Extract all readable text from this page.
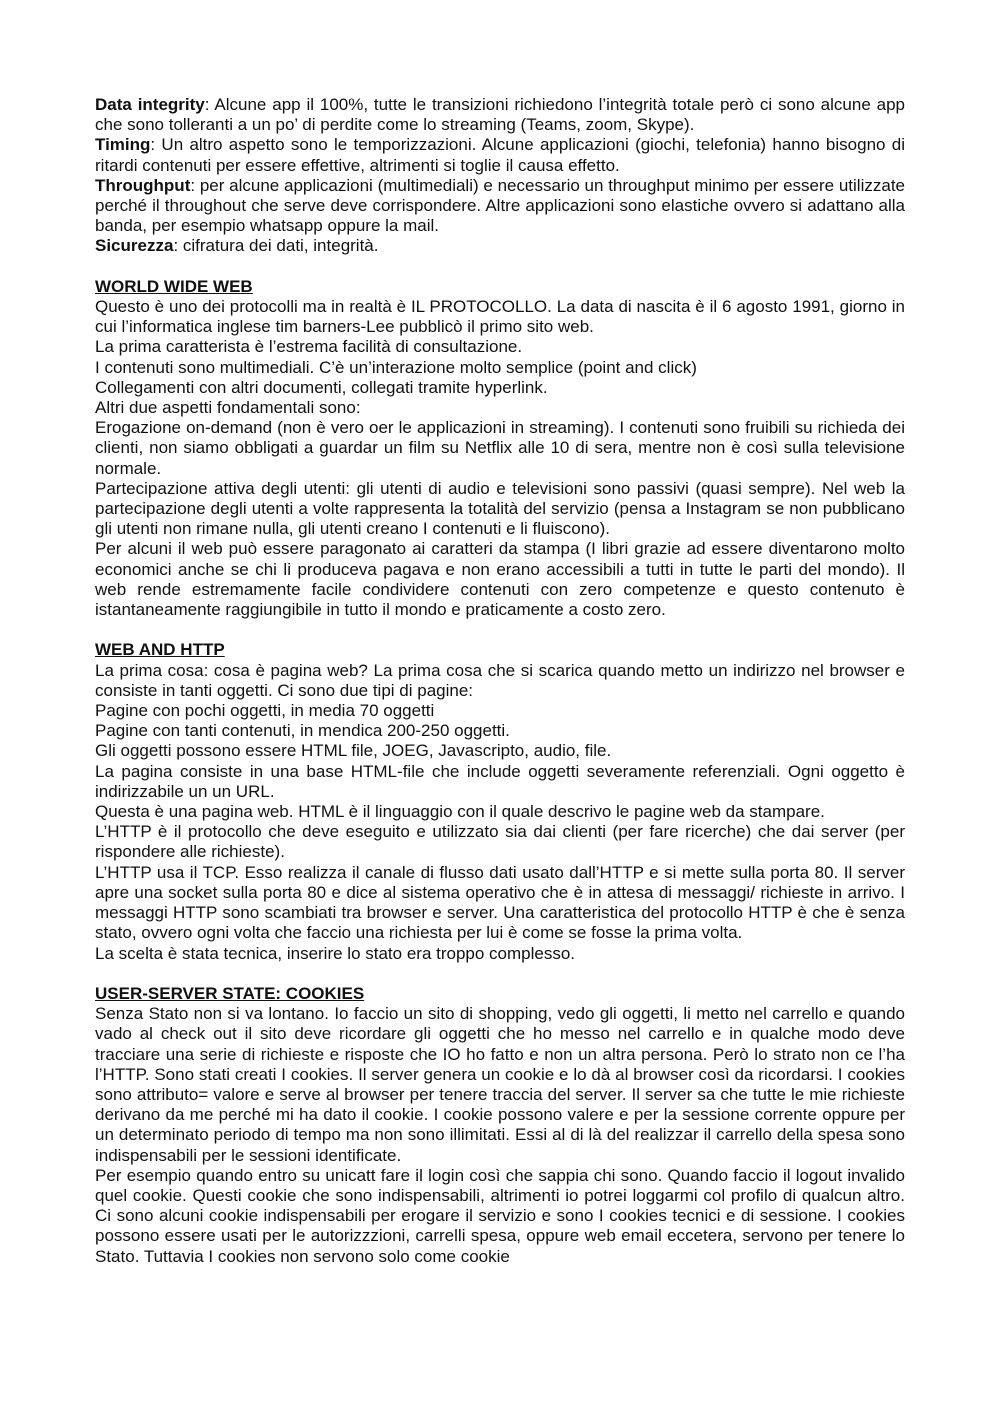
Data integrity: Alcune app il 100%, tutte le transizioni richiedono l’integrità totale però ci sono alcune app che sono tolleranti a un po’ di perdite come lo streaming (Teams, zoom, Skype).

Timing: Un altro aspetto sono le temporizzazioni. Alcune applicazioni (giochi, telefonia) hanno bisogno di ritardi contenuti per essere effettive, altrimenti si toglie il causa effetto.

Throughput: per alcune applicazioni (multimediali) e necessario un throughput minimo per essere utilizzate perché il throughout che serve deve corrispondere. Altre applicazioni sono elastiche ovvero si adattano alla banda, per esempio whatsapp oppure la mail.

Sicurezza: cifratura dei dati, integrità.

WORLD WIDE WEB

Questo è uno dei protocolli ma in realtà è IL PROTOCOLLO. La data di nascita è il 6 agosto 1991, giorno in cui l’informatica inglese tim barners-Lee pubblicò il primo sito web.

La prima caratterista è l’estrema facilità di consultazione.

I contenuti sono multimediali. C’è un’interazione molto semplice (point and click)

Collegamenti con altri documenti, collegati tramite hyperlink.

Altri due aspetti fondamentali sono:

Erogazione on-demand (non è vero oer le applicazioni in streaming). I contenuti sono fruibili su richieda dei clienti, non siamo obbligati a guardar un film su Netflix alle 10 di sera, mentre non è così sulla televisione normale.

Partecipazione attiva degli utenti: gli utenti di audio e televisioni sono passivi (quasi sempre). Nel web la partecipazione degli utenti a volte rappresenta la totalità del servizio (pensa a Instagram se non pubblicano gli utenti non rimane nulla, gli utenti creano I contenuti e li fluiscono).

Per alcuni il web può essere paragonato ai caratteri da stampa (I libri grazie ad essere diventarono molto economici anche se chi li produceva pagava e non erano accessibili a tutti in tutte le parti del mondo). Il web rende estremamente facile condividere contenuti con zero competenze e questo contenuto è istantaneamente raggiungibile in tutto il mondo e praticamente a costo zero.

WEB AND HTTP

La prima cosa: cosa è pagina web? La prima cosa che si scarica quando metto un indirizzo nel browser e consiste in tanti oggetti. Ci sono due tipi di pagine:

Pagine con pochi oggetti, in media 70 oggetti

Pagine con tanti contenuti, in mendica 200-250 oggetti.

Gli oggetti possono essere HTML file, JOEG, Javascripto, audio, file.

La pagina consiste in una base HTML-file che include oggetti severamente referenziali. Ogni oggetto è indirizzabile un un URL.

Questa è una pagina web. HTML è il linguaggio con il quale descrivo le pagine web da stampare.

L’HTTP è il protocollo che deve eseguito e utilizzato sia dai clienti (per fare ricerche) che dai server (per rispondere alle richieste).

L’HTTP usa il TCP. Esso realizza il canale di flusso dati usato dall’HTTP e si mette sulla porta 80. Il server apre una socket sulla porta 80 e dice al sistema operativo che è in attesa di messaggi/ richieste in arrivo. I messaggi HTTP sono scambiati tra browser e server. Una caratteristica del protocollo HTTP è che è senza stato, ovvero ogni volta che faccio una richiesta per lui è come se fosse la prima volta.

La scelta è stata tecnica, inserire lo stato era troppo complesso.

USER-SERVER STATE: COOKIES

Senza Stato non si va lontano. Io faccio un sito di shopping, vedo gli oggetti, li metto nel carrello e quando vado al check out il sito deve ricordare gli oggetti che ho messo nel carrello e in qualche modo deve tracciare una serie di richieste e risposte che IO ho fatto e non un altra persona. Però lo strato non ce l’ha l’HTTP. Sono stati creati I cookies. Il server genera un cookie e lo dà al browser così da ricordarsi. I cookies sono attributo= valore e serve al browser per tenere traccia del server. Il server sa che tutte le mie richieste derivano da me perché mi ha dato il cookie. I cookie possono valere e per la sessione corrente oppure per un determinato periodo di tempo ma non sono illimitati. Essi al di là del realizzar il carrello della spesa sono indispensabili per le sessioni identificate.

Per esempio quando entro su unicatt fare il login così che sappia chi sono. Quando faccio il logout invalido quel cookie. Questi cookie che sono indispensabili, altrimenti io potrei loggarmi col profilo di qualcun altro. Ci sono alcuni cookie indispensabili per erogare il servizio e sono I cookies tecnici e di sessione. I cookies possono essere usati per le autorizzzioni, carrelli spesa, oppure web email eccetera, servono per tenere lo Stato. Tuttavia I cookies non servono solo come cookie
